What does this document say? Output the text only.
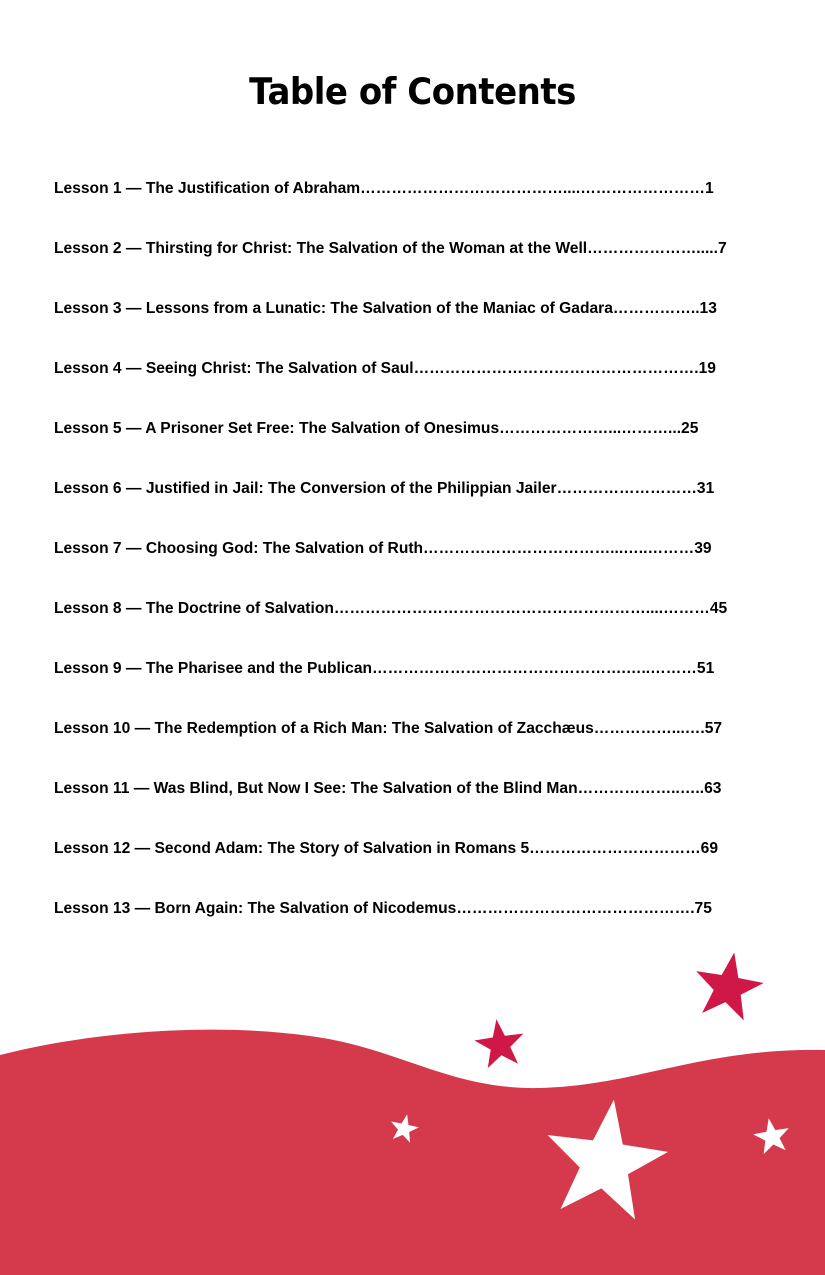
Table of Contents
Lesson 1 — The Justification of Abraham…………………………………....……………………1
Lesson 2 — Thirsting for Christ: The Salvation of the Woman at the Well………………….....7
Lesson 3 — Lessons from a Lunatic: The Salvation of the Maniac of Gadara……………..13
Lesson 4 — Seeing Christ: The Salvation of Saul……………………………………………….19
Lesson 5 — A Prisoner Set Free: The Salvation of Onesimus…………………...………...25
Lesson 6 — Justified in Jail: The Conversion of the Philippian Jailer………………………31
Lesson 7 — Choosing God: The Salvation of Ruth………………………………...…..………39
Lesson 8 — The Doctrine of Salvation……………………………………………………....………45
Lesson 9 — The Pharisee and the Publican………………………………………….…..………51
Lesson 10 — The Redemption of a Rich Man: The Salvation of Zacchæus……………...….57
Lesson 11 — Was Blind, But Now I See: The Salvation of the Blind Man………………..…..63
Lesson 12 — Second Adam: The Story of Salvation in Romans 5……………………………69
Lesson 13 — Born Again: The Salvation of Nicodemus……………………………………….75
